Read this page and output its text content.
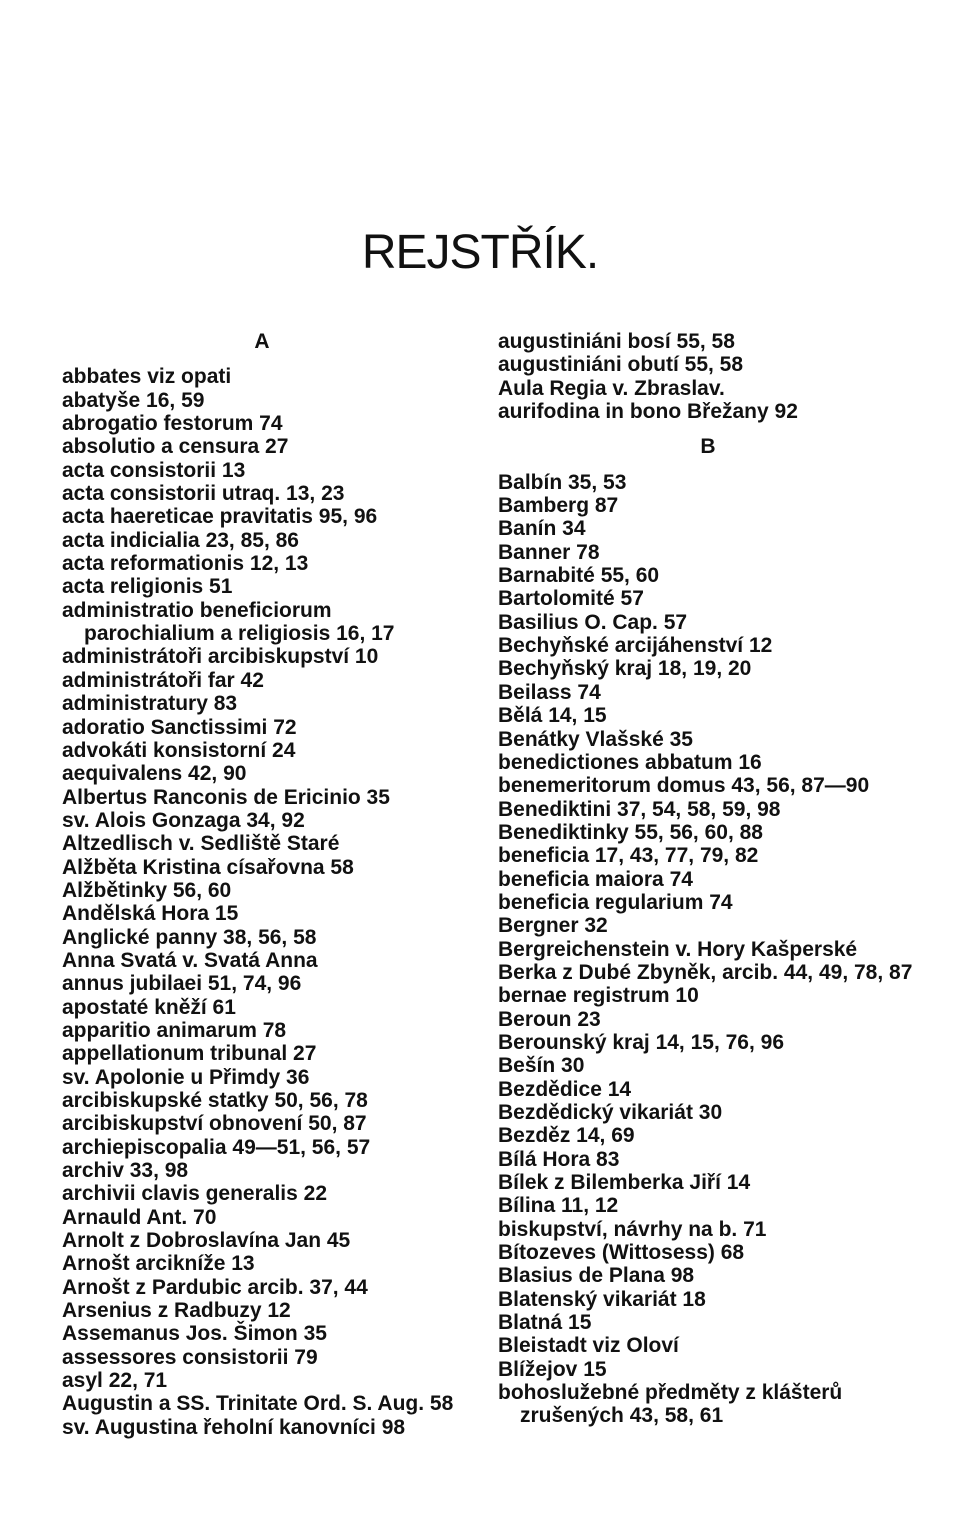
REJSTŘÍK.
A
abbates viz opati
abatyše 16, 59
abrogatio festorum 74
absolutio a censura 27
acta consistorii 13
acta consistorii utraq. 13, 23
acta haereticae pravitatis 95, 96
acta indicialia 23, 85, 86
acta reformationis 12, 13
acta religionis 51
administratio beneficiorum parochialium a religiosis 16, 17
administrátoři arcibiskupství 10
administrátoři far 42
administratury 83
adoratio Sanctissimi 72
advokáti konsistorní 24
aequivalens 42, 90
Albertus Ranconis de Ericinio 35
sv. Alois Gonzaga 34, 92
Altzedlisch v. Sedliště Staré
Alžběta Kristina císařovna 58
Alžbětinky 56, 60
Andělská Hora 15
Anglické panny 38, 56, 58
Anna Svatá v. Svatá Anna
annus jubilaei 51, 74, 96
apostaté kněží 61
apparitio animarum 78
appellationum tribunal 27
sv. Apolonie u Přimdy 36
arcibiskupské statky 50, 56, 78
arcibiskupství obnovení 50, 87
archiepiscopalia 49—51, 56, 57
archiv 33, 98
archivii clavis generalis 22
Arnauld Ant. 70
Arnolt z Dobroslavína Jan 45
Arnošt arcikníže 13
Arnošt z Pardubic arcib. 37, 44
Arsenius z Radbuzy 12
Assemanus Jos. Šimon 35
assessores consistorii 79
asyl 22, 71
Augustin a SS. Trinitate Ord. S. Aug. 58
sv. Augustina řeholní kanovníci 98
augustiniáni bosí 55, 58
augustiniáni obutí 55, 58
Aula Regia v. Zbraslav.
aurifodina in bono Břežany 92
B
Balbín 35, 53
Bamberg 87
Banín 34
Banner 78
Barnabité 55, 60
Bartolomité 57
Basilius O. Cap. 57
Bechyňské arcijáhenství 12
Bechyňský kraj 18, 19, 20
Beilass 74
Bělá 14, 15
Benátky Vlašské 35
benedictiones abbatum 16
benemeritorum domus 43, 56, 87—90
Benediktini 37, 54, 58, 59, 98
Benediktinky 55, 56, 60, 88
beneficia 17, 43, 77, 79, 82
beneficia maiora 74
beneficia regularium 74
Bergner 32
Bergreichenstein v. Hory Kašperské
Berka z Dubé Zbyněk, arcib. 44, 49, 78, 87
bernae registrum 10
Beroun 23
Berounský kraj 14, 15, 76, 96
Bešín 30
Bezdědice 14
Bezdědický vikariát 30
Bezděz 14, 69
Bílá Hora 83
Bílek z Bilemberka Jiří 14
Bílina 11, 12
biskupství, návrhy na b. 71
Bítozeves (Wittosess) 68
Blasius de Plana 98
Blatenský vikariát 18
Blatná 15
Bleistadt viz Oloví
Blížejov 15
bohoslužebné předměty z klášterů zrušených 43, 58, 61
